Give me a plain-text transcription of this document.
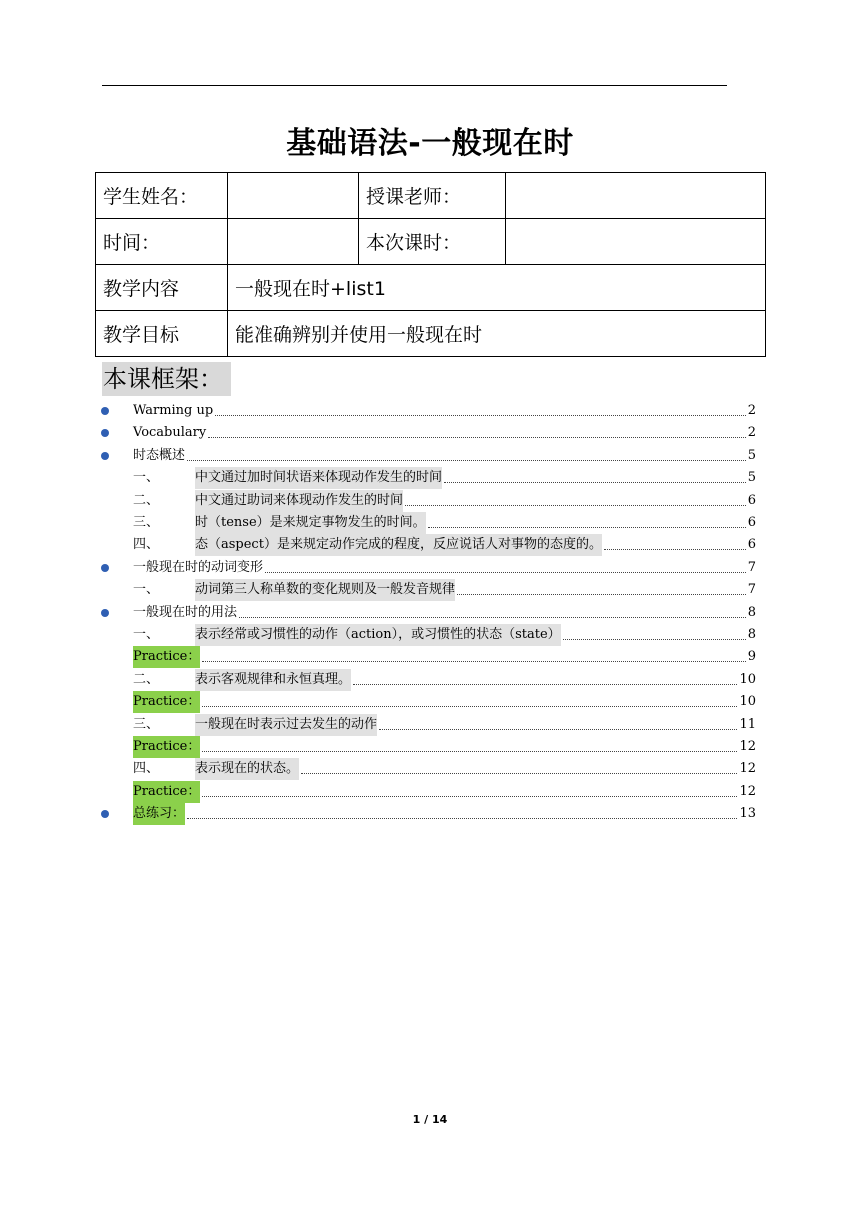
基础语法-一般现在时
学生姓名：		授课老师：	
时间：		本次课时：	
教学内容	一般现在时+list1		
教学目标	能准确辨别并使用一般现在时		
本课框架：
Warming up	2
Vocabulary	2
时态概述	5
一、	中文通过加时间状语来体现动作发生的时间	5
二、	中文通过助词来体现动作发生的时间	6
三、	时（tense）是来规定事物发生的时间。	6
四、	态（aspect）是来规定动作完成的程度，反应说话人对事物的态度的。	6
一般现在时的动词变形	7
一、	动词第三人称单数的变化规则及一般发音规律	7
一般现在时的用法	8
一、	表示经常或习惯性的动作（action），或习惯性的状态（state）	8
Practice：	9
二、	表示客观规律和永恒真理。	10
Practice：	10
三、	一般现在时表示过去发生的动作	11
Practice：	12
四、	表示现在的状态。	12
Practice：	12
总练习：	13
1 / 14
